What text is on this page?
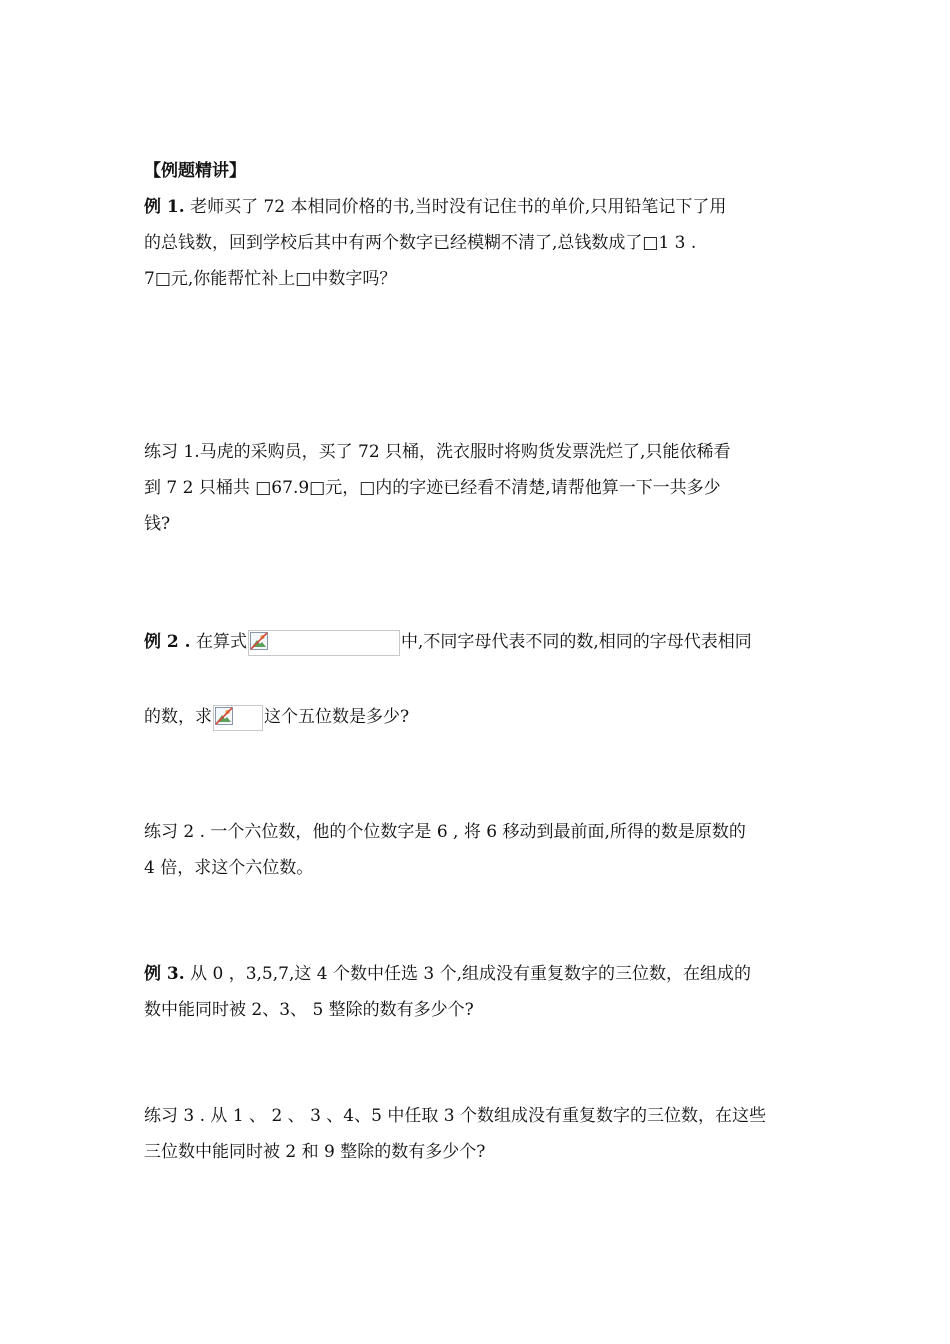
【例题精讲】

例 1. 老师买了 72 本相同价格的书,当时没有记住书的单价,只用铅笔记下了用
的总钱数，回到学校后其中有两个数字已经模糊不清了,总钱数成了□1 3 .
7□元,你能帮忙补上□中数字吗？
练习 1.马虎的采购员，买了 72 只桶，洗衣服时将购货发票洗烂了,只能依稀看
到 7 2 只桶共 □67.9□元，□内的字迹已经看不清楚,请帮他算一下一共多少
钱?
例 2 . 在算式	中,不同字母代表不同的数,相同的字母代表相同
的数，求	这个五位数是多少?
练习 2 . 一个六位数，他的个位数字是 6 , 将 6 移动到最前面,所得的数是原数的
4 倍，求这个六位数。
例 3. 从 0 ，3,5,7,这 4 个数中任选 3 个,组成没有重复数字的三位数，在组成的
数中能同时被 2、3、 5 整除的数有多少个?
练习 3 . 从 1 、 2 、 3 、4、5 中任取 3 个数组成没有重复数字的三位数，在这些
三位数中能同时被 2 和 9 整除的数有多少个?
